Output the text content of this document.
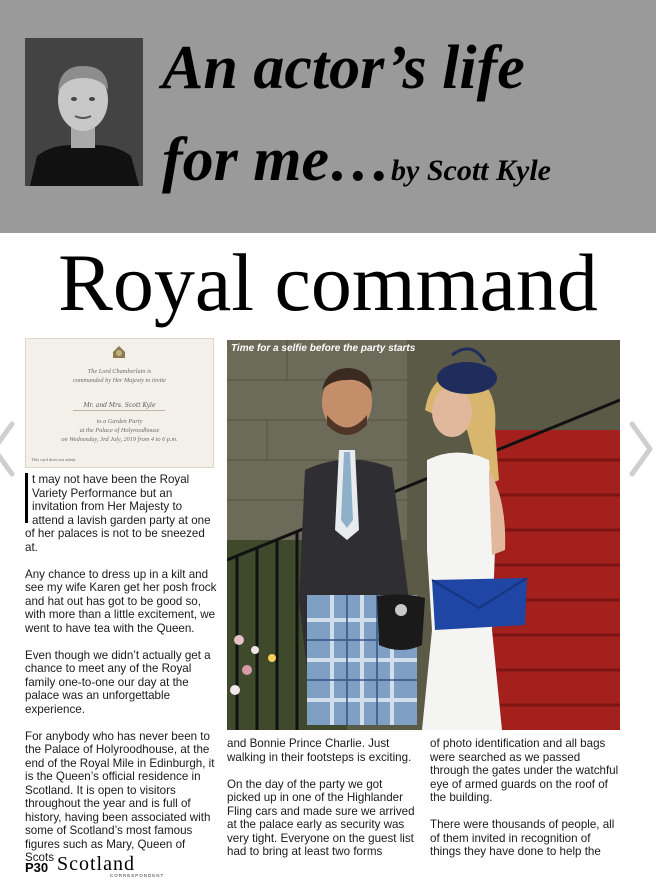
An actor’s life
for me…by Scott Kyle
Royal command
The Lord Chamberlain is
commanded by Her Majesty to invite
Mr. and Mrs. Scott Kyle
to a Garden Party
at the Palace of Holyroodhouse
on Wednesday, 3rd July, 2019 from 4 to 6 p.m.
This card does not admit
Time for a selfie before the party starts

t may not have been the Royal Variety Performance but an invitation from Her Majesty to attend a lavish garden party at one of her palaces is not to be sneezed at.

Any chance to dress up in a kilt and see my wife Karen get her posh frock and hat out has got to be good so, with more than a little excitement, we went to have tea with the Queen.

Even though we didn’t actually get a chance to meet any of the Royal family one-to-one our day at the palace was an unforgettable experience.

For anybody who has never been to the Palace of Holyroodhouse, at the end of the Royal Mile in Edinburgh, it is the Queen’s official residence in Scotland. It is open to visitors throughout the year and is full of history, having been associated with some of Scotland’s most famous figures such as Mary, Queen of Scots

and Bonnie Prince Charlie. Just walking in their footsteps is exciting.

On the day of the party we got picked up in one of the Highlander Fling cars and made sure we arrived at the palace early as security was very tight. Everyone on the guest list had to bring at least two forms

of photo identification and all bags were searched as we passed through the gates under the watchful eye of armed guards on the roof of the building.

There were thousands of people, all of them invited in recognition of things they have done to help the

P30 Scotland
CORRESPONDENT
